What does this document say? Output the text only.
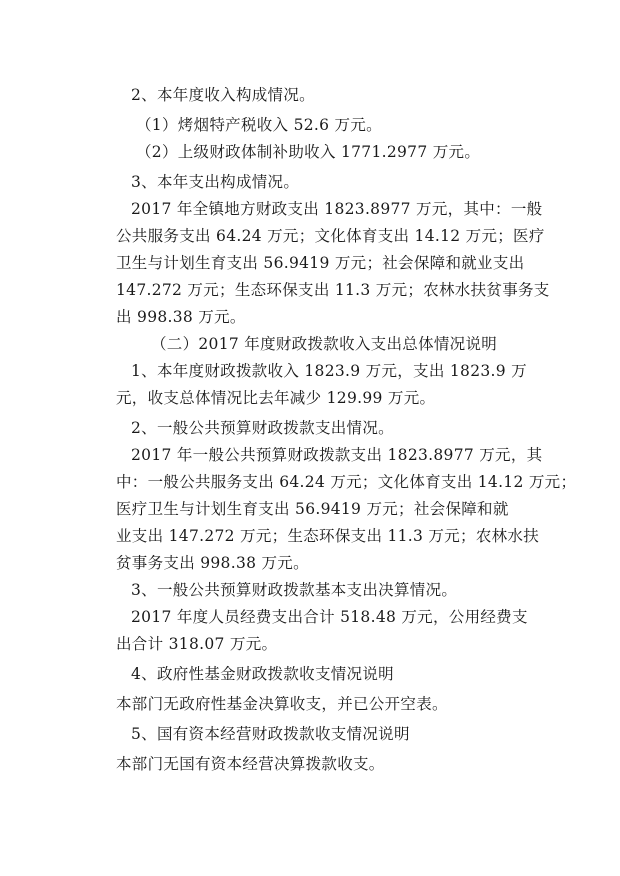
2、本年度收入构成情况。
（1）烤烟特产税收入 52.6 万元。
（2）上级财政体制补助收入 1771.2977 万元。
3、本年支出构成情况。
2017 年全镇地方财政支出 1823.8977 万元，其中：一般
公共服务支出 64.24 万元；文化体育支出 14.12 万元；医疗
卫生与计划生育支出 56.9419 万元；社会保障和就业支出
147.272 万元；生态环保支出 11.3 万元；农林水扶贫事务支
出 998.38 万元。
（二）2017 年度财政拨款收入支出总体情况说明
1、本年度财政拨款收入 1823.9 万元，支出 1823.9 万
元，收支总体情况比去年减少 129.99 万元。
2、一般公共预算财政拨款支出情况。
2017 年一般公共预算财政拨款支出 1823.8977 万元，其
中：一般公共服务支出 64.24 万元；文化体育支出 14.12 万元；
医疗卫生与计划生育支出 56.9419 万元；社会保障和就
业支出 147.272 万元；生态环保支出 11.3 万元；农林水扶
贫事务支出 998.38 万元。
3、一般公共预算财政拨款基本支出决算情况。
2017 年度人员经费支出合计 518.48 万元，公用经费支
出合计 318.07 万元。
4、政府性基金财政拨款收支情况说明
本部门无政府性基金决算收支，并已公开空表。
5、国有资本经营财政拨款收支情况说明
本部门无国有资本经营决算拨款收支。
